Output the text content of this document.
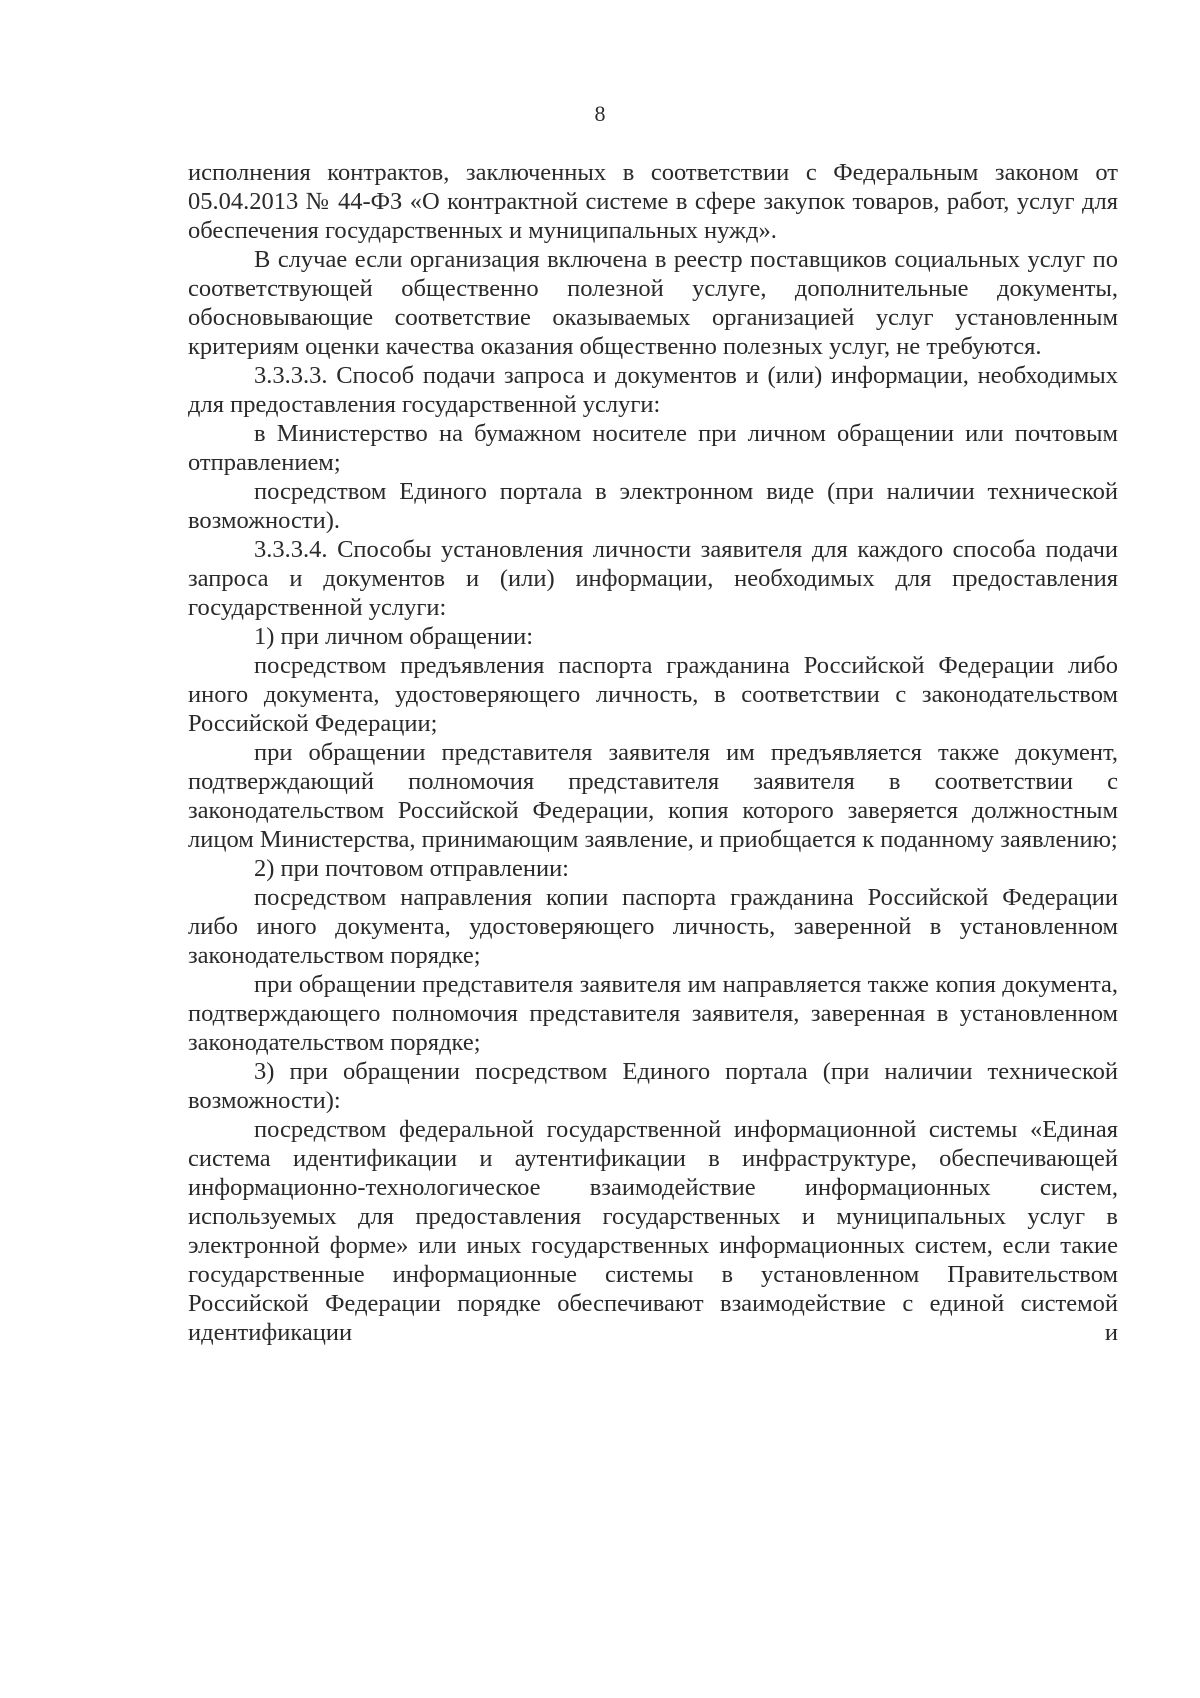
8

исполнения контрактов, заключенных в соответствии с Федеральным законом от 05.04.2013 № 44-ФЗ «О контрактной системе в сфере закупок товаров, работ, услуг для обеспечения государственных и муниципальных нужд».

В случае если организация включена в реестр поставщиков социальных услуг по соответствующей общественно полезной услуге, дополнительные документы, обосновывающие соответствие оказываемых организацией услуг установленным критериям оценки качества оказания общественно полезных услуг, не требуются.

3.3.3.3. Способ подачи запроса и документов и (или) информации, необходимых для предоставления государственной услуги:

в Министерство на бумажном носителе при личном обращении или почтовым отправлением;

посредством Единого портала в электронном виде (при наличии технической возможности).

3.3.3.4. Способы установления личности заявителя для каждого способа подачи запроса и документов и (или) информации, необходимых для предоставления государственной услуги:

1) при личном обращении:

посредством предъявления паспорта гражданина Российской Федерации либо иного документа, удостоверяющего личность, в соответствии с законодательством Российской Федерации;

при обращении представителя заявителя им предъявляется также документ, подтверждающий полномочия представителя заявителя в соответствии с законодательством Российской Федерации, копия которого заверяется должностным лицом Министерства, принимающим заявление, и приобщается к поданному заявлению;

2) при почтовом отправлении:

посредством направления копии паспорта гражданина Российской Федерации либо иного документа, удостоверяющего личность, заверенной в установленном законодательством порядке;

при обращении представителя заявителя им направляется также копия документа, подтверждающего полномочия представителя заявителя, заверенная в установленном законодательством порядке;

3) при обращении посредством Единого портала (при наличии технической возможности):

посредством федеральной государственной информационной системы «Единая система идентификации и аутентификации в инфраструктуре, обеспечивающей информационно-технологическое взаимодействие информационных систем, используемых для предоставления государственных и муниципальных услуг в электронной форме» или иных государственных информационных систем, если такие государственные информационные системы в установленном Правительством Российской Федерации порядке обеспечивают взаимодействие с единой системой идентификации и
